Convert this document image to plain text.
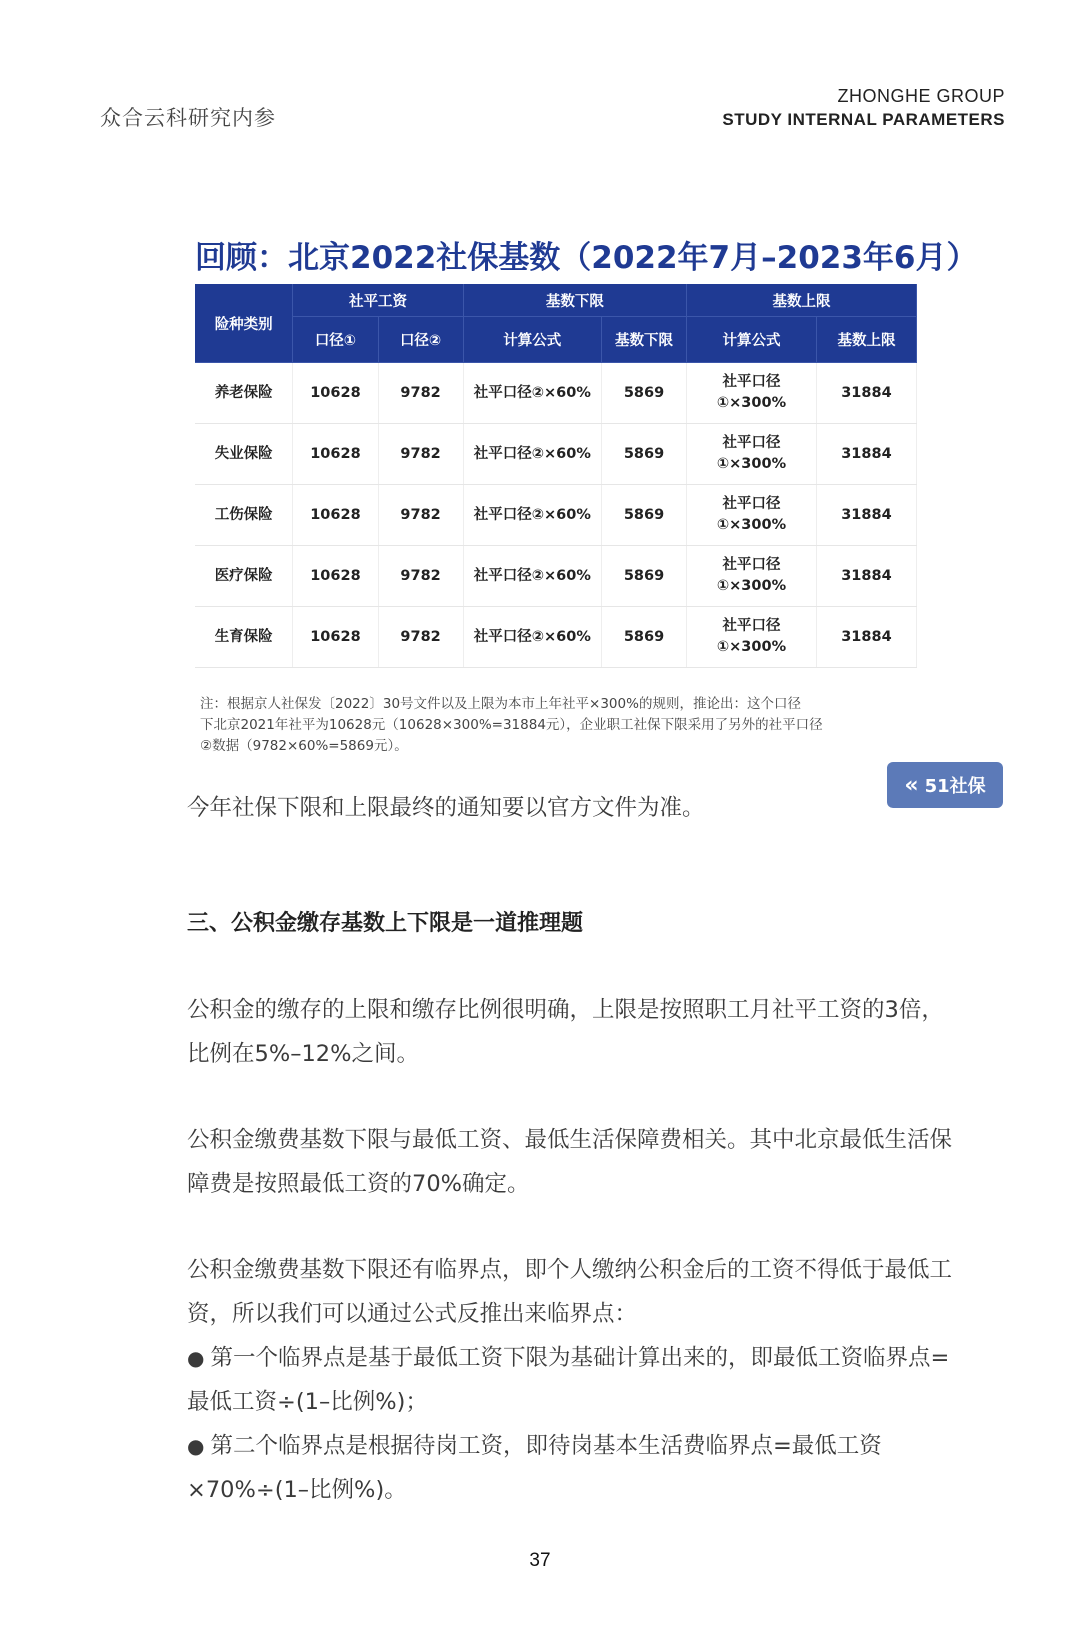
众合云科研究内参
ZHONGHE GROUP
STUDY INTERNAL PARAMETERS
回顾：北京2022社保基数（2022年7月–2023年6月）
险种类别	社平工资		基数下限		基数上限	
	口径①	口径②	计算公式	基数下限	计算公式	基数上限
养老保险	10628	9782	社平口径②×60%	5869	社平口径
①×300%	31884
失业保险	10628	9782	社平口径②×60%	5869	社平口径
①×300%	31884
工伤保险	10628	9782	社平口径②×60%	5869	社平口径
①×300%	31884
医疗保险	10628	9782	社平口径②×60%	5869	社平口径
①×300%	31884
生育保险	10628	9782	社平口径②×60%	5869	社平口径
①×300%	31884
注：根据京人社保发〔2022〕30号文件以及上限为本市上年社平×300%的规则，推论出：这个口径
下北京2021年社平为10628元（10628×300%=31884元），企业职工社保下限采用了另外的社平口径
②数据（9782×60%=5869元）。
« 51社保
今年社保下限和上限最终的通知要以官方文件为准。
三、公积金缴存基数上下限是一道推理题
公积金的缴存的上限和缴存比例很明确，上限是按照职工月社平工资的3倍，
比例在5%–12%之间。
公积金缴费基数下限与最低工资、最低生活保障费相关。其中北京最低生活保
障费是按照最低工资的70%确定。
公积金缴费基数下限还有临界点，即个人缴纳公积金后的工资不得低于最低工
资，所以我们可以通过公式反推出来临界点：
● 第一个临界点是基于最低工资下限为基础计算出来的，即最低工资临界点=
最低工资÷(1–比例%)；
● 第二个临界点是根据待岗工资，即待岗基本生活费临界点=最低工资
×70%÷(1–比例%)。
37
